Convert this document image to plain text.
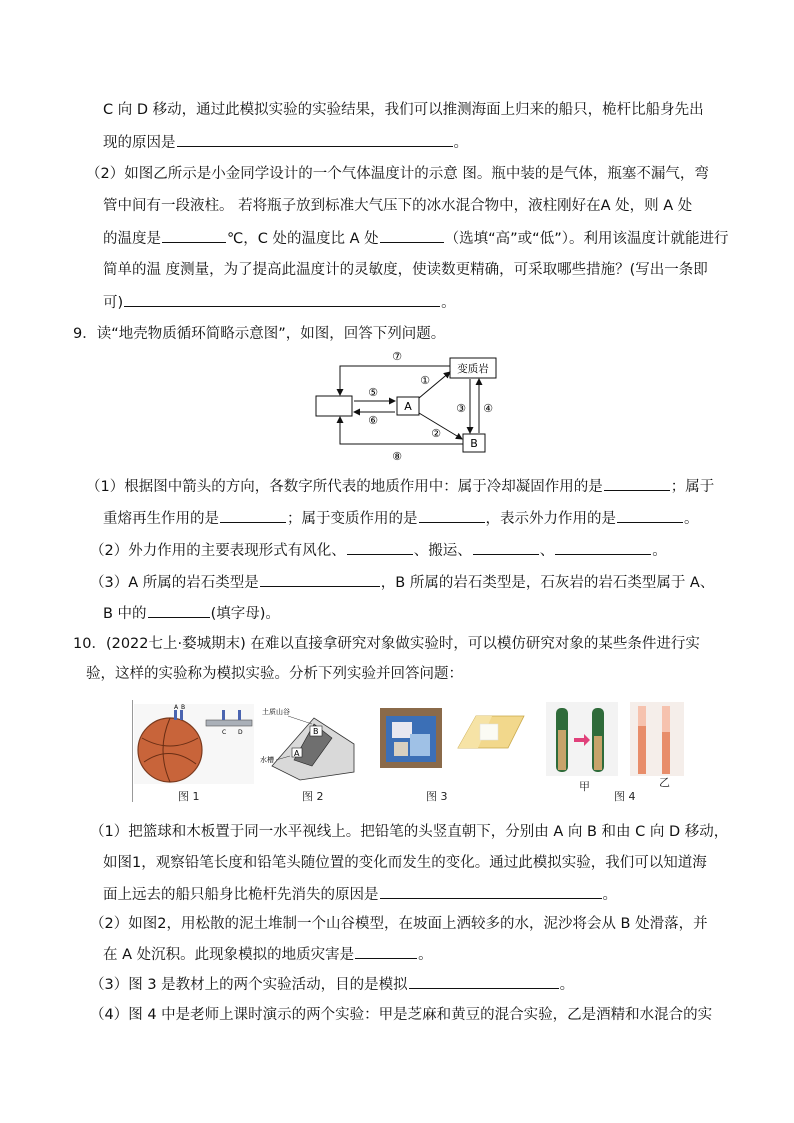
C 向 D 移动，通过此模拟实验的实验结果，我们可以推测海面上归来的船只，桅杆比船身先出
现的原因是	。
（2）如图乙所示是小金同学设计的一个气体温度计的示意 图。瓶中装的是气体，瓶塞不漏气，弯
管中间有一段液柱。 若将瓶子放到标准大气压下的冰水混合物中，液柱刚好在A 处，则 A 处
的温度是	℃，C 处的温度比 A 处	（选填“高”或“低”）。利用该温度计就能进行
简单的温 度测量，为了提高此温度计的灵敏度，使读数更精确，可采取哪些措施？(写出一条即
可)	。
9．读“地壳物质循环简略示意图”，如图，回答下列问题。
变质岩
A
B
⑤
⑥
①
②
③ ④
⑦
⑧
（1）根据图中箭头的方向，各数字所代表的地质作用中：属于冷却凝固作用的是	；属于
重熔再生作用的是	；属于变质作用的是	，表示外力作用的是	。
（2）外力作用的主要表现形式有风化、	、搬运、	、	。
（3）A 所属的岩石类型是	，B 所属的岩石类型是，石灰岩的岩石类型属于 A、
B 中的	(填字母)。
10．(2022七上·婺城期末) 在难以直接拿研究对象做实验时，可以模仿研究对象的某些条件进行实
验，这样的实验称为模拟实验。分析下列实验并回答问题：
A B
C D
图 1
B
A
土质山谷
水槽
图 2	图 3
甲	乙
图 4
（1）把篮球和木板置于同一水平视线上。把铅笔的头竖直朝下，分别由 A 向 B 和由 C 向 D 移动，
如图1，观察铅笔长度和铅笔头随位置的变化而发生的变化。通过此模拟实验，我们可以知道海
面上远去的船只船身比桅杆先消失的原因是	。
（2）如图2，用松散的泥土堆制一个山谷模型，在坡面上洒较多的水，泥沙将会从 B 处滑落，并
在 A 处沉积。此现象模拟的地质灾害是	。
（3）图 3 是教材上的两个实验活动，目的是模拟	。
（4）图 4 中是老师上课时演示的两个实验：甲是芝麻和黄豆的混合实验，乙是酒精和水混合的实
